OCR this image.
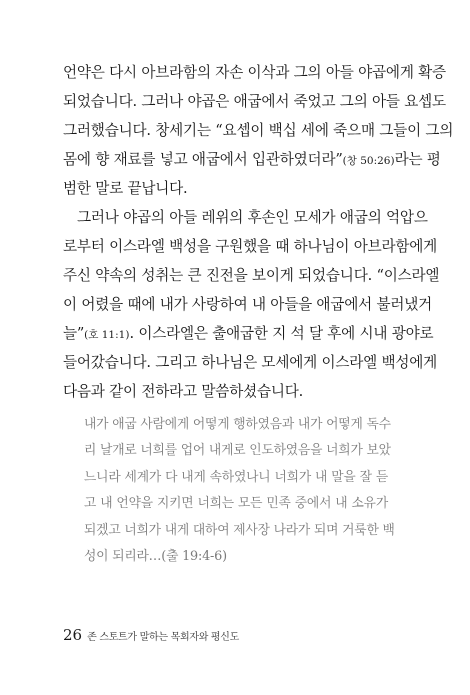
언약은 다시 아브라함의 자손 이삭과 그의 아들 야곱에게 확증
되었습니다. 그러나 야곱은 애굽에서 죽었고 그의 아들 요셉도
그러했습니다. 창세기는 “요셉이 백십 세에 죽으매 그들이 그의
몸에 향 재료를 넣고 애굽에서 입관하였더라”(창 50:26)라는 평
범한 말로 끝납니다.
그러나 야곱의 아들 레위의 후손인 모세가 애굽의 억압으
로부터 이스라엘 백성을 구원했을 때 하나님이 아브라함에게
주신 약속의 성취는 큰 진전을 보이게 되었습니다. “이스라엘
이 어렸을 때에 내가 사랑하여 내 아들을 애굽에서 불러냈거
늘”(호 11:1). 이스라엘은 출애굽한 지 석 달 후에 시내 광야로
들어갔습니다. 그리고 하나님은 모세에게 이스라엘 백성에게
다음과 같이 전하라고 말씀하셨습니다.
내가 애굽 사람에게 어떻게 행하였음과 내가 어떻게 독수
리 날개로 너희를 업어 내게로 인도하였음을 너희가 보았
느니라 세계가 다 내게 속하였나니 너희가 내 말을 잘 듣
고 내 언약을 지키면 너희는 모든 민족 중에서 내 소유가
되겠고 너희가 내게 대하여 제사장 나라가 되며 거룩한 백
성이 되리라…(출 19:4-6)
26 존 스토트가 말하는 목회자와 평신도
